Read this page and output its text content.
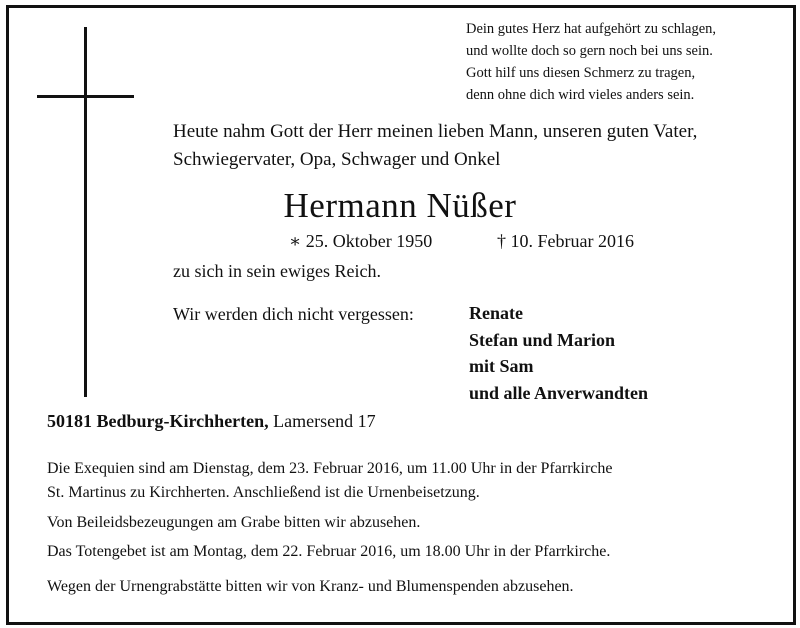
Dein gutes Herz hat aufgehört zu schlagen,
und wollte doch so gern noch bei uns sein.
Gott hilf uns diesen Schmerz zu tragen,
denn ohne dich wird vieles anders sein.
Heute nahm Gott der Herr meinen lieben Mann, unseren guten Vater,
Schwiegervater, Opa, Schwager und Onkel
Hermann Nüßer
∗ 25. Oktober 1950	† 10. Februar 2016
zu sich in sein ewiges Reich.
Wir werden dich nicht vergessen:	Renate
Stefan und Marion
mit Sam
und alle Anverwandten
50181 Bedburg-Kirchherten, Lamersend 17
Die Exequien sind am Dienstag, dem 23. Februar 2016, um 11.00 Uhr in der Pfarrkirche
St. Martinus zu Kirchherten. Anschließend ist die Urnenbeisetzung.
Von Beileidsbezeugungen am Grabe bitten wir abzusehen.
Das Totengebet ist am Montag, dem 22. Februar 2016, um 18.00 Uhr in der Pfarrkirche.
Wegen der Urnengrabstätte bitten wir von Kranz- und Blumenspenden abzusehen.
